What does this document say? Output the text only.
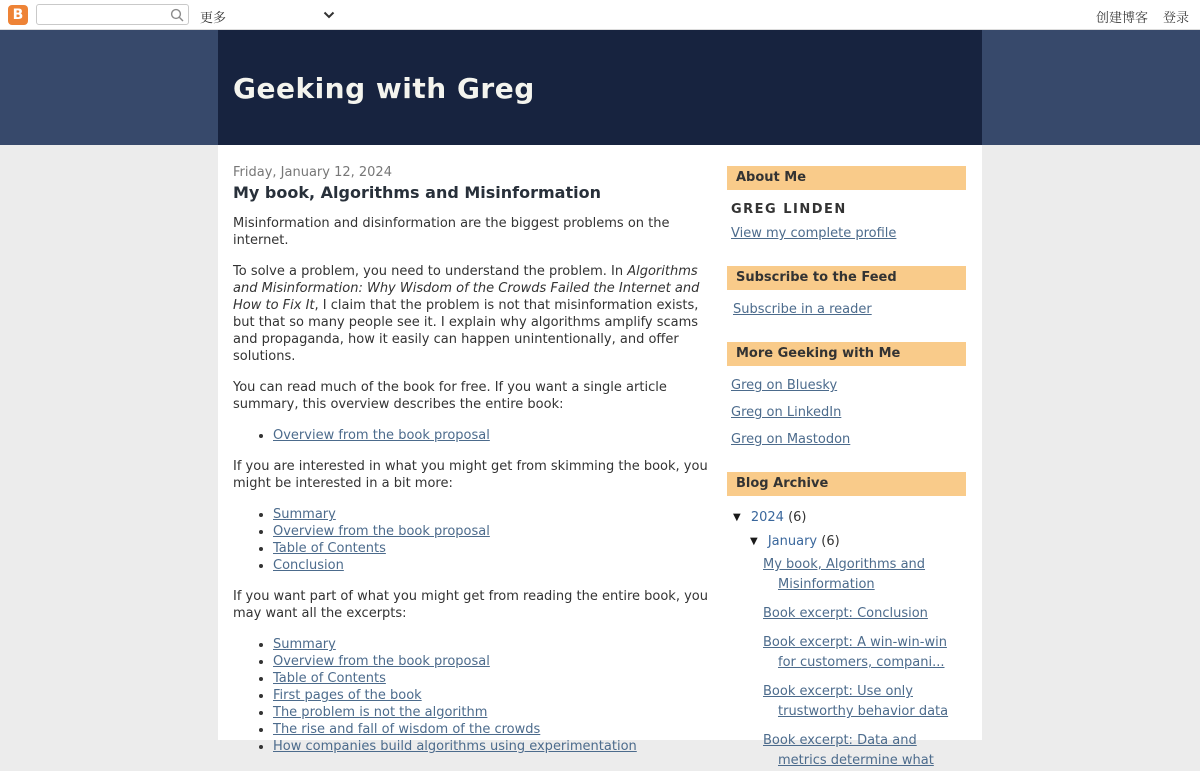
B	更多	创建博客 登录
Geeking with Greg
Friday, January 12, 2024
My book, Algorithms and Misinformation

Misinformation and disinformation are the biggest problems on the internet.

To solve a problem, you need to understand the problem. In Algorithms and Misinformation: Why Wisdom of the Crowds Failed the Internet and How to Fix It, I claim that the problem is not that misinformation exists, but that so many people see it. I explain why algorithms amplify scams and propaganda, how it easily can happen unintentionally, and offer solutions.

You can read much of the book for free. If you want a single article summary, this overview describes the entire book:

• Overview from the book proposal

If you are interested in what you might get from skimming the book, you might be interested in a bit more:

• Summary
• Overview from the book proposal
• Table of Contents
• Conclusion

If you want part of what you might get from reading the entire book, you may want all the excerpts:

• Summary
• Overview from the book proposal
• Table of Contents
• First pages of the book
• The problem is not the algorithm
• The rise and fall of wisdom of the crowds
• How companies build algorithms using experimentation
About Me
GREG LINDEN
View my complete profile
Subscribe to the Feed
Subscribe in a reader
More Geeking with Me
Greg on Bluesky
Greg on LinkedIn
Greg on Mastodon
Blog Archive
▼ 2024 (6)
▼ January (6)
My book, Algorithms and Misinformation
Book excerpt: Conclusion
Book excerpt: A win-win-win for customers, compani...
Book excerpt: Use only trustworthy behavior data
Book excerpt: Data and metrics determine what
